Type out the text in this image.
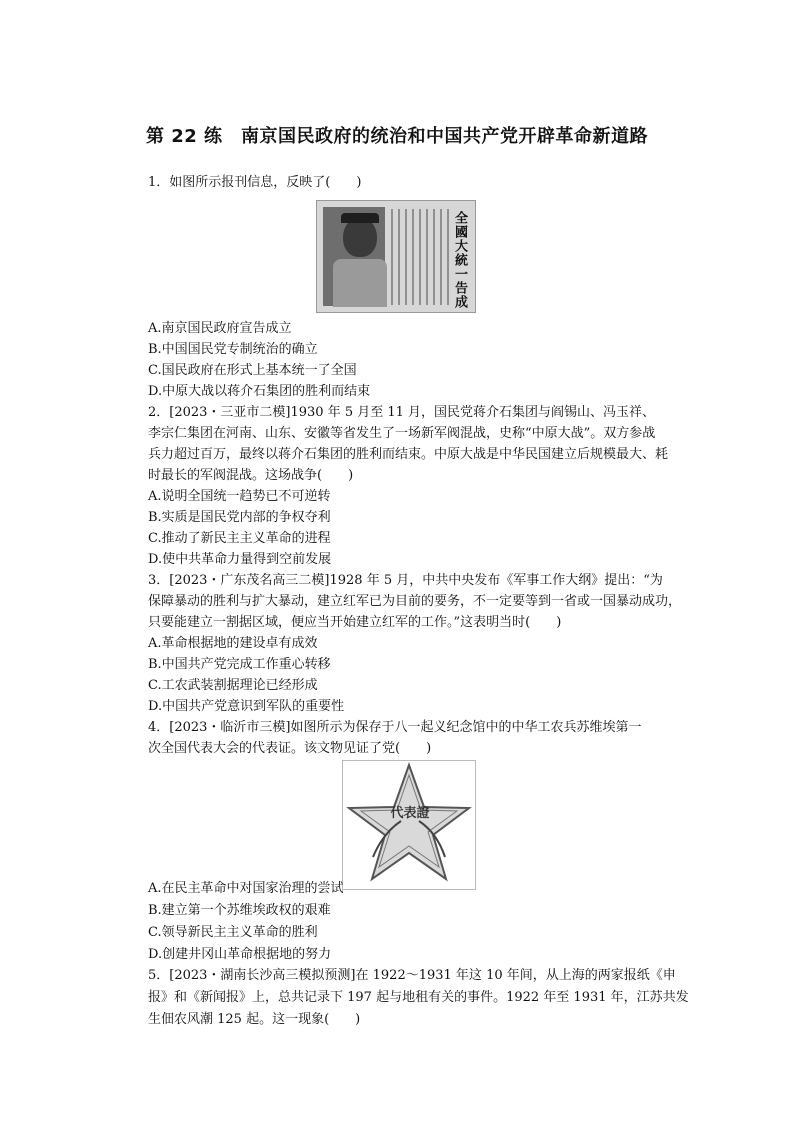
第 22 练　南京国民政府的统治和中国共产党开辟革命新道路
1．如图所示报刊信息，反映了(　　)
全國大統一告成
A.南京国民政府宣告成立
B.中国国民党专制统治的确立
C.国民政府在形式上基本统一了全国
D.中原大战以蒋介石集团的胜利而结束
2．[2023・三亚市二模]1930 年 5 月至 11 月，国民党蒋介石集团与阎锡山、冯玉祥、
李宗仁集团在河南、山东、安徽等省发生了一场新军阀混战，史称“中原大战”。双方参战
兵力超过百万，最终以蒋介石集团的胜利而结束。中原大战是中华民国建立后规模最大、耗
时最长的军阀混战。这场战争(　　)
A.说明全国统一趋势已不可逆转
B.实质是国民党内部的争权夺利
C.推动了新民主主义革命的进程
D.使中共革命力量得到空前发展
3．[2023・广东茂名高三二模]1928 年 5 月，中共中央发布《军事工作大纲》提出：“为
保障暴动的胜利与扩大暴动，建立红军已为目前的要务，不一定要等到一省或一国暴动成功，
只要能建立一割据区域，便应当开始建立红军的工作。”这表明当时(　　)
A.革命根据地的建设卓有成效
B.中国共产党完成工作重心转移
C.工农武装割据理论已经形成
D.中国共产党意识到军队的重要性
4．[2023・临沂市三模]如图所示为保存于八一起义纪念馆中的中华工农兵苏维埃第一
次全国代表大会的代表证。该文物见证了党(　　)
代表證
A.在民主革命中对国家治理的尝试
B.建立第一个苏维埃政权的艰难
C.领导新民主主义革命的胜利
D.创建井冈山革命根据地的努力
5．[2023・湖南长沙高三模拟预测]在 1922～1931 年这 10 年间，从上海的两家报纸《申
报》和《新闻报》上，总共记录下 197 起与地租有关的事件。1922 年至 1931 年，江苏共发
生佃农风潮 125 起。这一现象(　　)
